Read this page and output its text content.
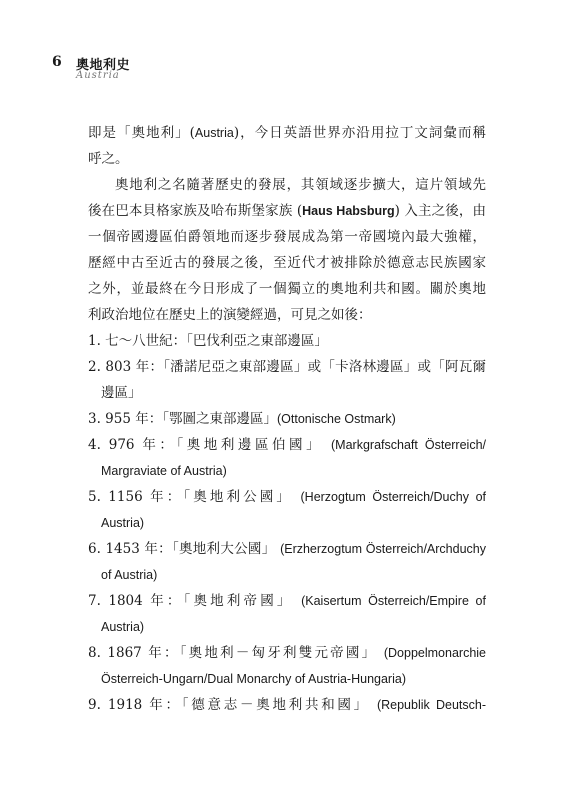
6 奧地利史
Austria
即是「奧地利」(Austria)，今日英語世界亦沿用拉丁文詞彙而稱
呼之。
奧地利之名隨著歷史的發展，其領域逐步擴大，這片領域先
後在巴本貝格家族及哈布斯堡家族 (Haus Habsburg) 入主之後，由
一個帝國邊區伯爵領地而逐步發展成為第一帝國境內最大強權，
歷經中古至近古的發展之後，至近代才被排除於德意志民族國家
之外，並最終在今日形成了一個獨立的奧地利共和國。關於奧地
利政治地位在歷史上的演變經過，可見之如後：
1. 七～八世紀：「巴伐利亞之東部邊區」
2. 803 年：「潘諾尼亞之東部邊區」或「卡洛林邊區」或「阿瓦爾
邊區」
3. 955 年：「鄂圖之東部邊區」(Ottonische Ostmark)
4. 976 年：「奧地利邊區伯國」 (Markgrafschaft Österreich/
Margraviate of Austria)
5. 1156 年：「奧地利公國」 (Herzogtum Österreich/Duchy of
Austria)
6. 1453 年：「奧地利大公國」 (Erzherzogtum Österreich/Archduchy
of Austria)
7. 1804 年：「奧地利帝國」 (Kaisertum Österreich/Empire of
Austria)
8. 1867 年：「奧地利－匈牙利雙元帝國」 (Doppelmonarchie
Österreich-Ungarn/Dual Monarchy of Austria-Hungaria)
9. 1918 年：「德意志－奧地利共和國」 (Republik Deutsch-
